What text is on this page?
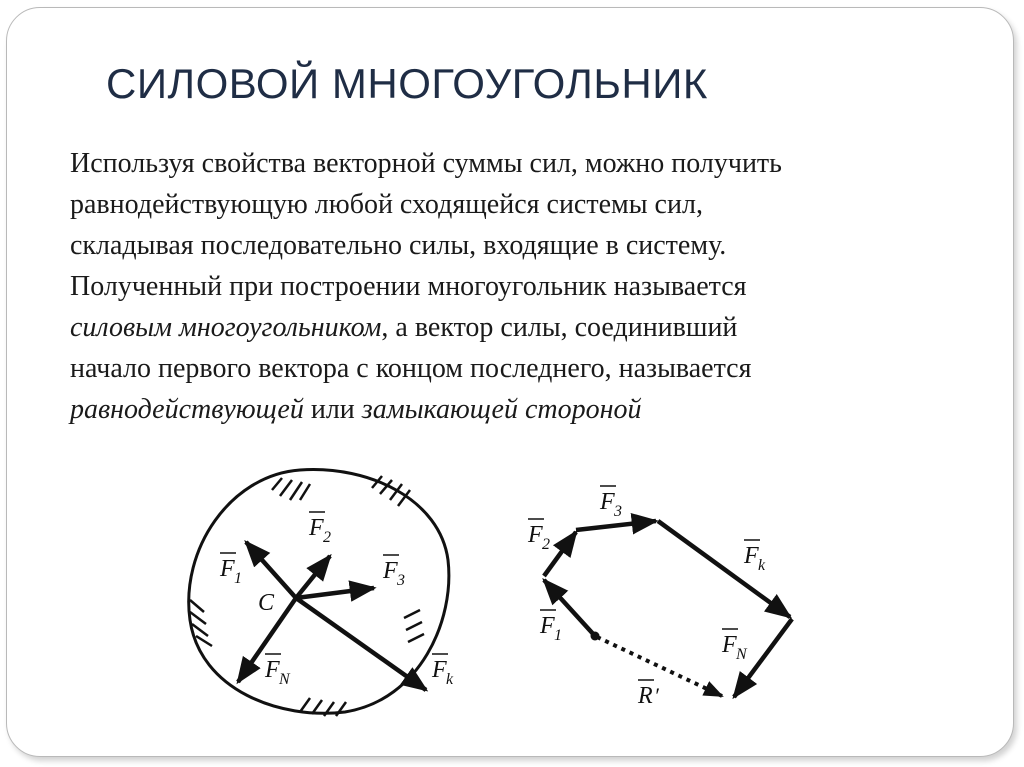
СИЛОВОЙ МНОГОУГОЛЬНИК

Используя свойства векторной суммы сил, можно получить

равнодействующую любой сходящейся системы сил,

складывая последовательно силы, входящие в систему.

Полученный при построении многоугольник называется

силовым многоугольником, а вектор силы, соединивший

начало первого вектора с концом последнего, называется

равнодействующей или замыкающей стороной

C
F 1
F 2
F 3
F k
F N
F 1
F 2
F 3
F k
F N
R ′
